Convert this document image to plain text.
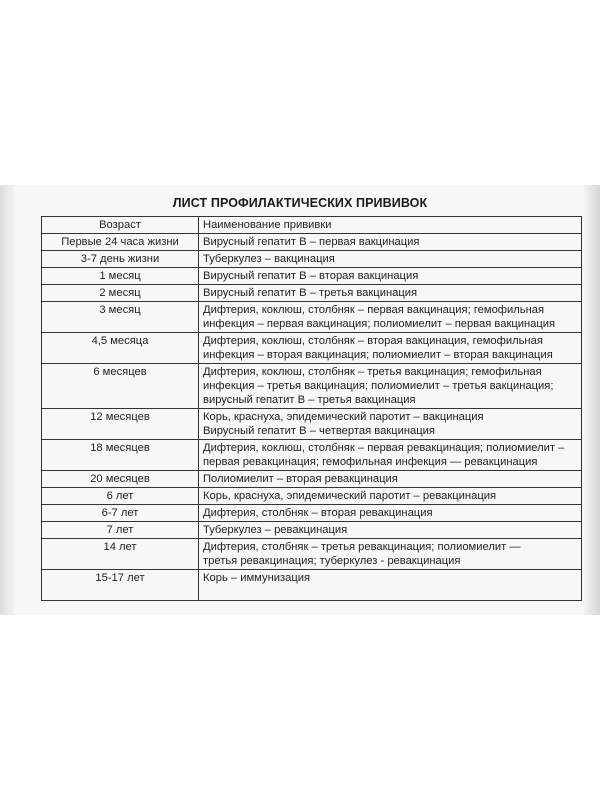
ЛИСТ ПРОФИЛАКТИЧЕСКИХ ПРИВИВОК
Возраст	Наименование прививки
Первые 24 часа жизни	Вирусный гепатит В – первая вакцинация

3-7 день жизни	Туберкулез – вакцинация

1 месяц	Вирусный гепатит В – вторая вакцинация

2 месяц	Вирусный гепатит В – третья вакцинация

3 месяц	Дифтерия, коклюш, столбняк – первая вакцинация; гемофильная
инфекция – первая вакцинация; полиомиелит – первая вакцинация

4,5 месяца	Дифтерия, коклюш, столбняк – вторая вакцинация, гемофильная
инфекция – вторая вакцинация; полиомиелит – вторая вакцинация

6 месяцев	Дифтерия, коклюш, столбняк – третья вакцинация; гемофильная
инфекция – третья вакцинация; полиомиелит – третья вакцинация;
вирусный гепатит В – третья вакцинация

12 месяцев	Корь, краснуха, эпидемический паротит – вакцинация
Вирусный гепатит В – четвертая вакцинация

18 месяцев	Дифтерия, коклюш, столбняк – первая ревакцинация; полиомиелит –
первая ревакцинация; гемофильная инфекция — ревакцинация

20 месяцев	Полиомиелит – вторая ревакцинация

6 лет	Корь, краснуха, эпидемический паротит – ревакцинация

6-7 лет	Дифтерия, столбняк – вторая ревакцинация

7 лет	Туберкулез – ревакцинация

14 лет	Дифтерия, столбняк – третья ревакцинация; полиомиелит —
третья ревакцинация; туберкулез - ревакцинация

15-17 лет	Корь – иммунизация
